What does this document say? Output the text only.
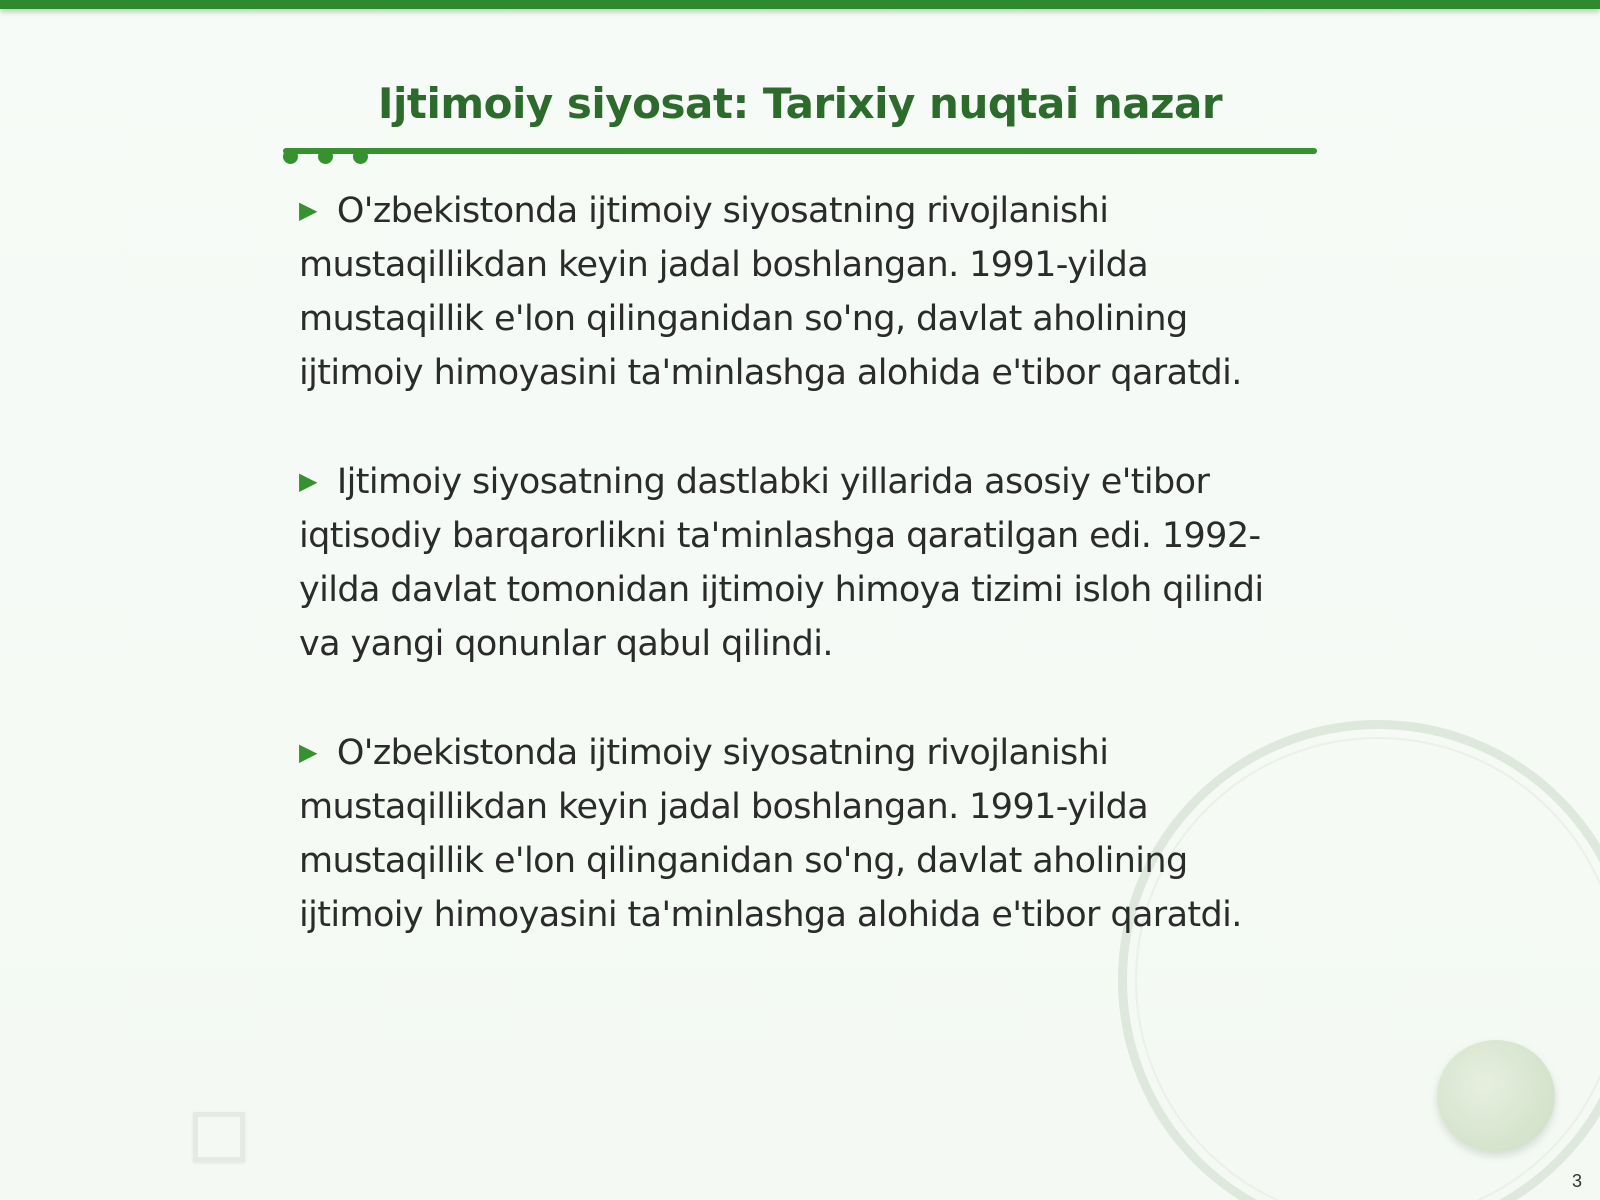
Ijtimoiy siyosat: Tarixiy nuqtai nazar

▶ O'zbekistonda ijtimoiy siyosatning rivojlanishi mustaqillikdan keyin jadal boshlangan. 1991-yilda mustaqillik e'lon qilinganidan so'ng, davlat aholining ijtimoiy himoyasini ta'minlashga alohida e'tibor qaratdi.

▶ Ijtimoiy siyosatning dastlabki yillarida asosiy e'tibor iqtisodiy barqarorlikni ta'minlashga qaratilgan edi. 1992-yilda davlat tomonidan ijtimoiy himoya tizimi isloh qilindi va yangi qonunlar qabul qilindi.

▶ O'zbekistonda ijtimoiy siyosatning rivojlanishi mustaqillikdan keyin jadal boshlangan. 1991-yilda mustaqillik e'lon qilinganidan so'ng, davlat aholining ijtimoiy himoyasini ta'minlashga alohida e'tibor qaratdi.

3
